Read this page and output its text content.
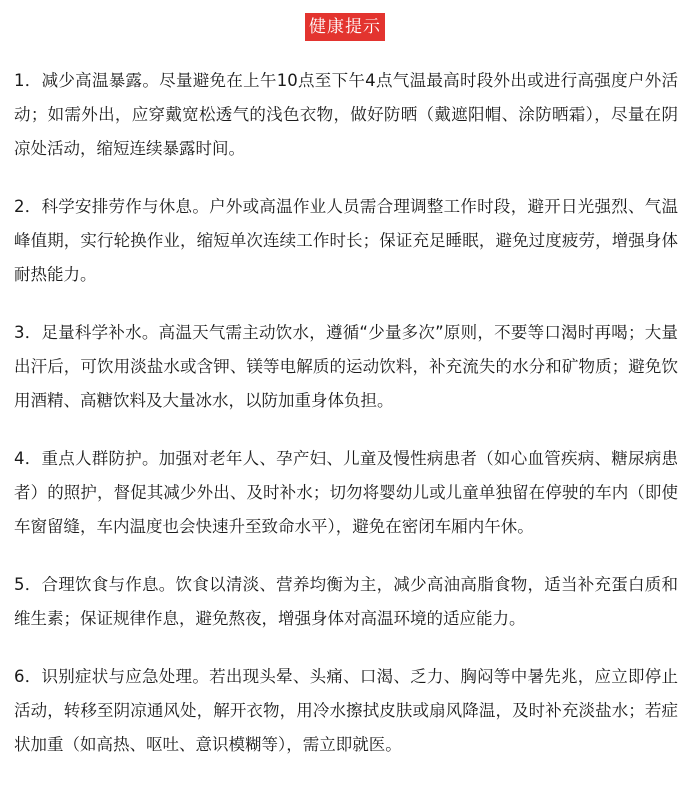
健康提示

1．减少高温暴露。尽量避免在上午10点至下午4点气温最高时段外出或进行高强度户外活动；如需外出，应穿戴宽松透气的浅色衣物，做好防晒（戴遮阳帽、涂防晒霜），尽量在阴凉处活动，缩短连续暴露时间。

2．科学安排劳作与休息。户外或高温作业人员需合理调整工作时段，避开日光强烈、气温峰值期，实行轮换作业，缩短单次连续工作时长；保证充足睡眠，避免过度疲劳，增强身体耐热能力。

3．足量科学补水。高温天气需主动饮水，遵循“少量多次”原则，不要等口渴时再喝；大量出汗后，可饮用淡盐水或含钾、镁等电解质的运动饮料，补充流失的水分和矿物质；避免饮用酒精、高糖饮料及大量冰水，以防加重身体负担。

4．重点人群防护。加强对老年人、孕产妇、儿童及慢性病患者（如心血管疾病、糖尿病患者）的照护，督促其减少外出、及时补水；切勿将婴幼儿或儿童单独留在停驶的车内（即使车窗留缝，车内温度也会快速升至致命水平），避免在密闭车厢内午休。

5．合理饮食与作息。饮食以清淡、营养均衡为主，减少高油高脂食物，适当补充蛋白质和维生素；保证规律作息，避免熬夜，增强身体对高温环境的适应能力。

6．识别症状与应急处理。若出现头晕、头痛、口渴、乏力、胸闷等中暑先兆，应立即停止活动，转移至阴凉通风处，解开衣物，用冷水擦拭皮肤或扇风降温，及时补充淡盐水；若症状加重（如高热、呕吐、意识模糊等），需立即就医。
